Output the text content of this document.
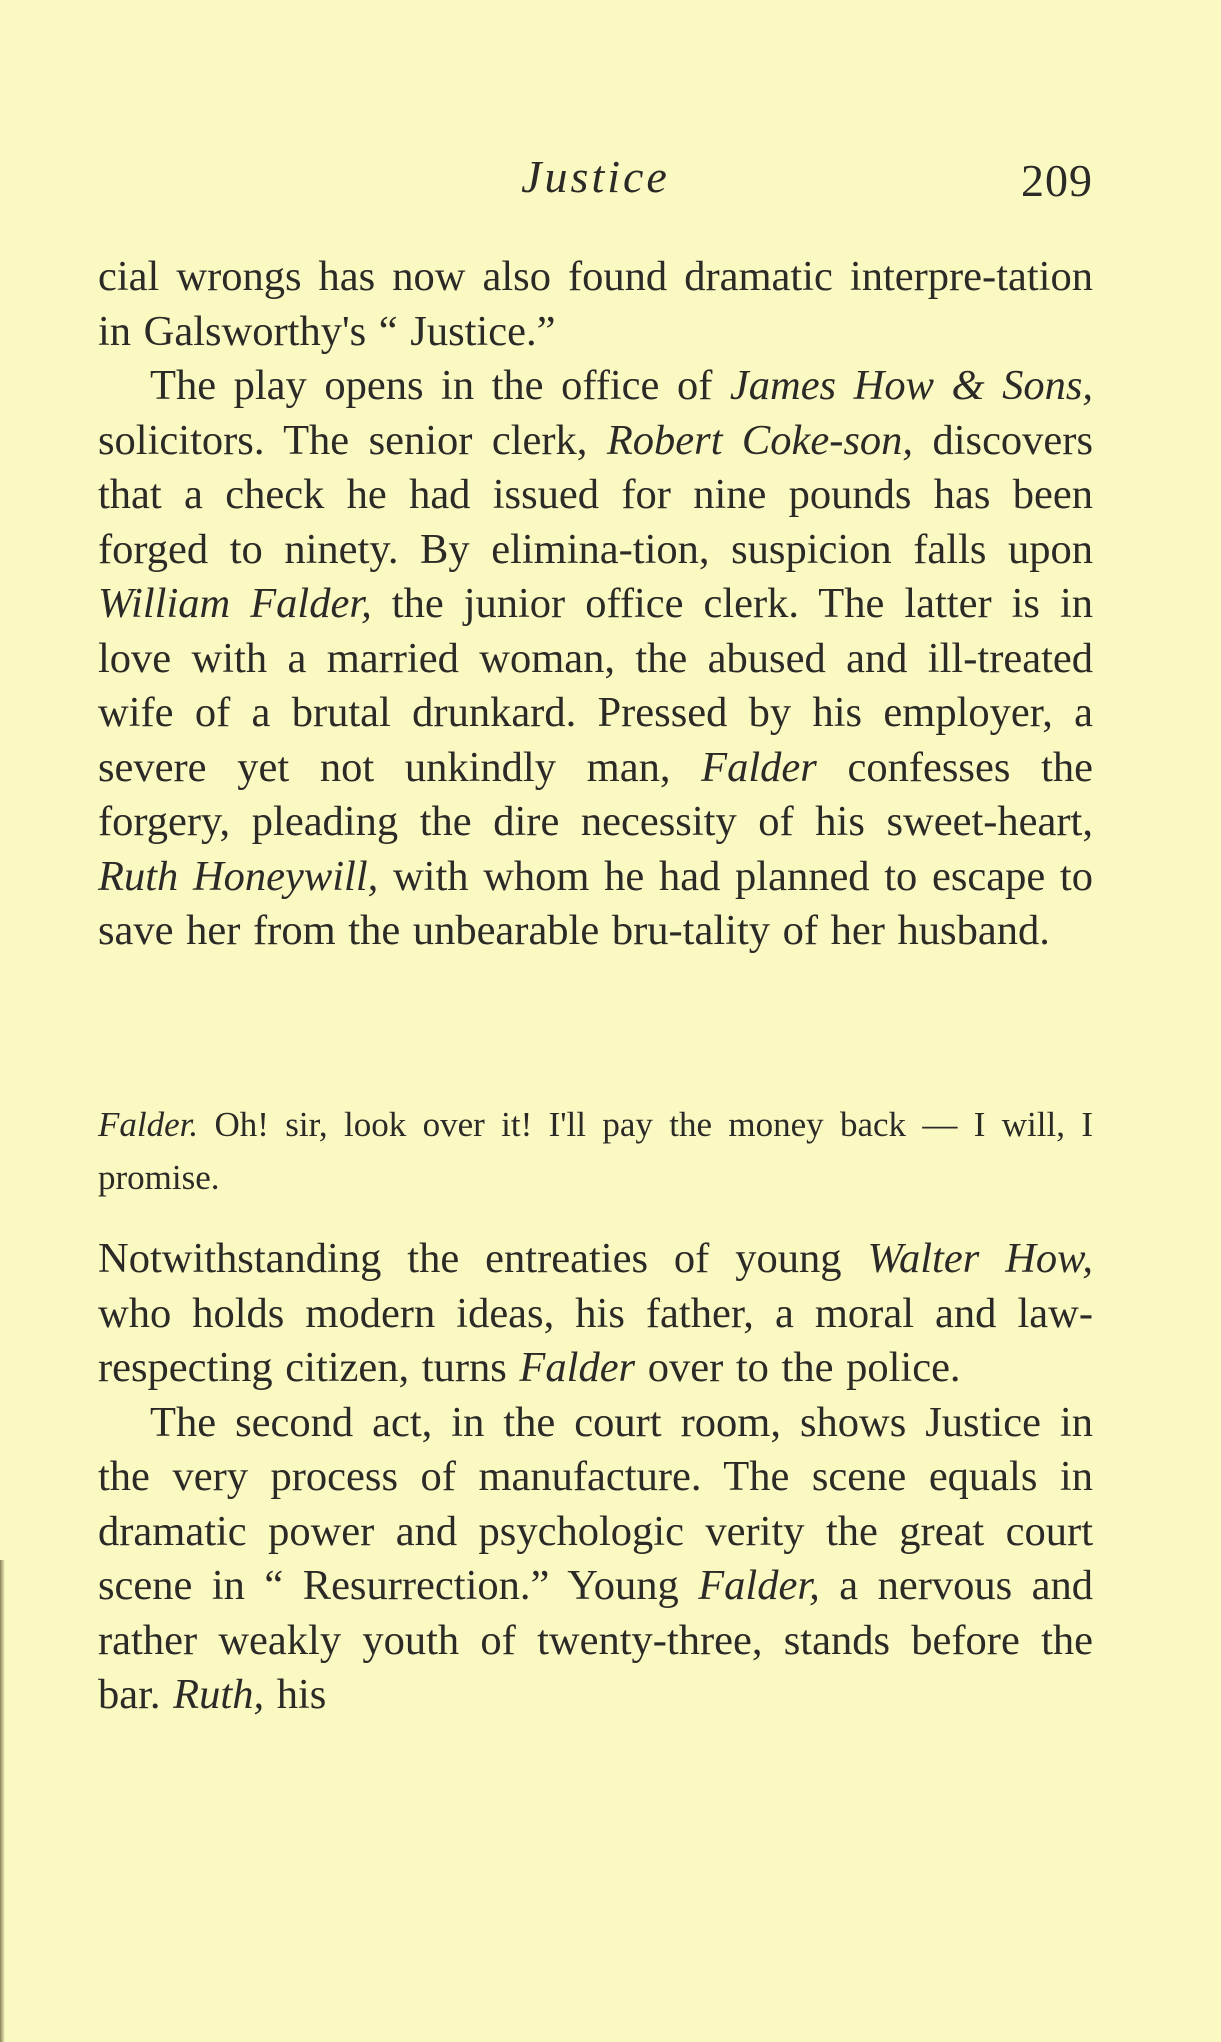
Justice	209

cial wrongs has now also found dramatic interpre-tation in Galsworthy's “ Justice.”

The play opens in the office of James How & Sons, solicitors. The senior clerk, Robert Coke-son, discovers that a check he had issued for nine pounds has been forged to ninety. By elimina-tion, suspicion falls upon William Falder, the junior office clerk. The latter is in love with a married woman, the abused and ill-treated wife of a brutal drunkard. Pressed by his employer, a severe yet not unkindly man, Falder confesses the forgery, pleading the dire necessity of his sweet-heart, Ruth Honeywill, with whom he had planned to escape to save her from the unbearable bru-tality of her husband.

Falder. Oh! sir, look over it! I'll pay the money back — I will, I promise.

Notwithstanding the entreaties of young Walter How, who holds modern ideas, his father, a moral and law-respecting citizen, turns Falder over to the police.

The second act, in the court room, shows Justice in the very process of manufacture. The scene equals in dramatic power and psychologic verity the great court scene in “ Resurrection.” Young Falder, a nervous and rather weakly youth of twenty-three, stands before the bar. Ruth, his
